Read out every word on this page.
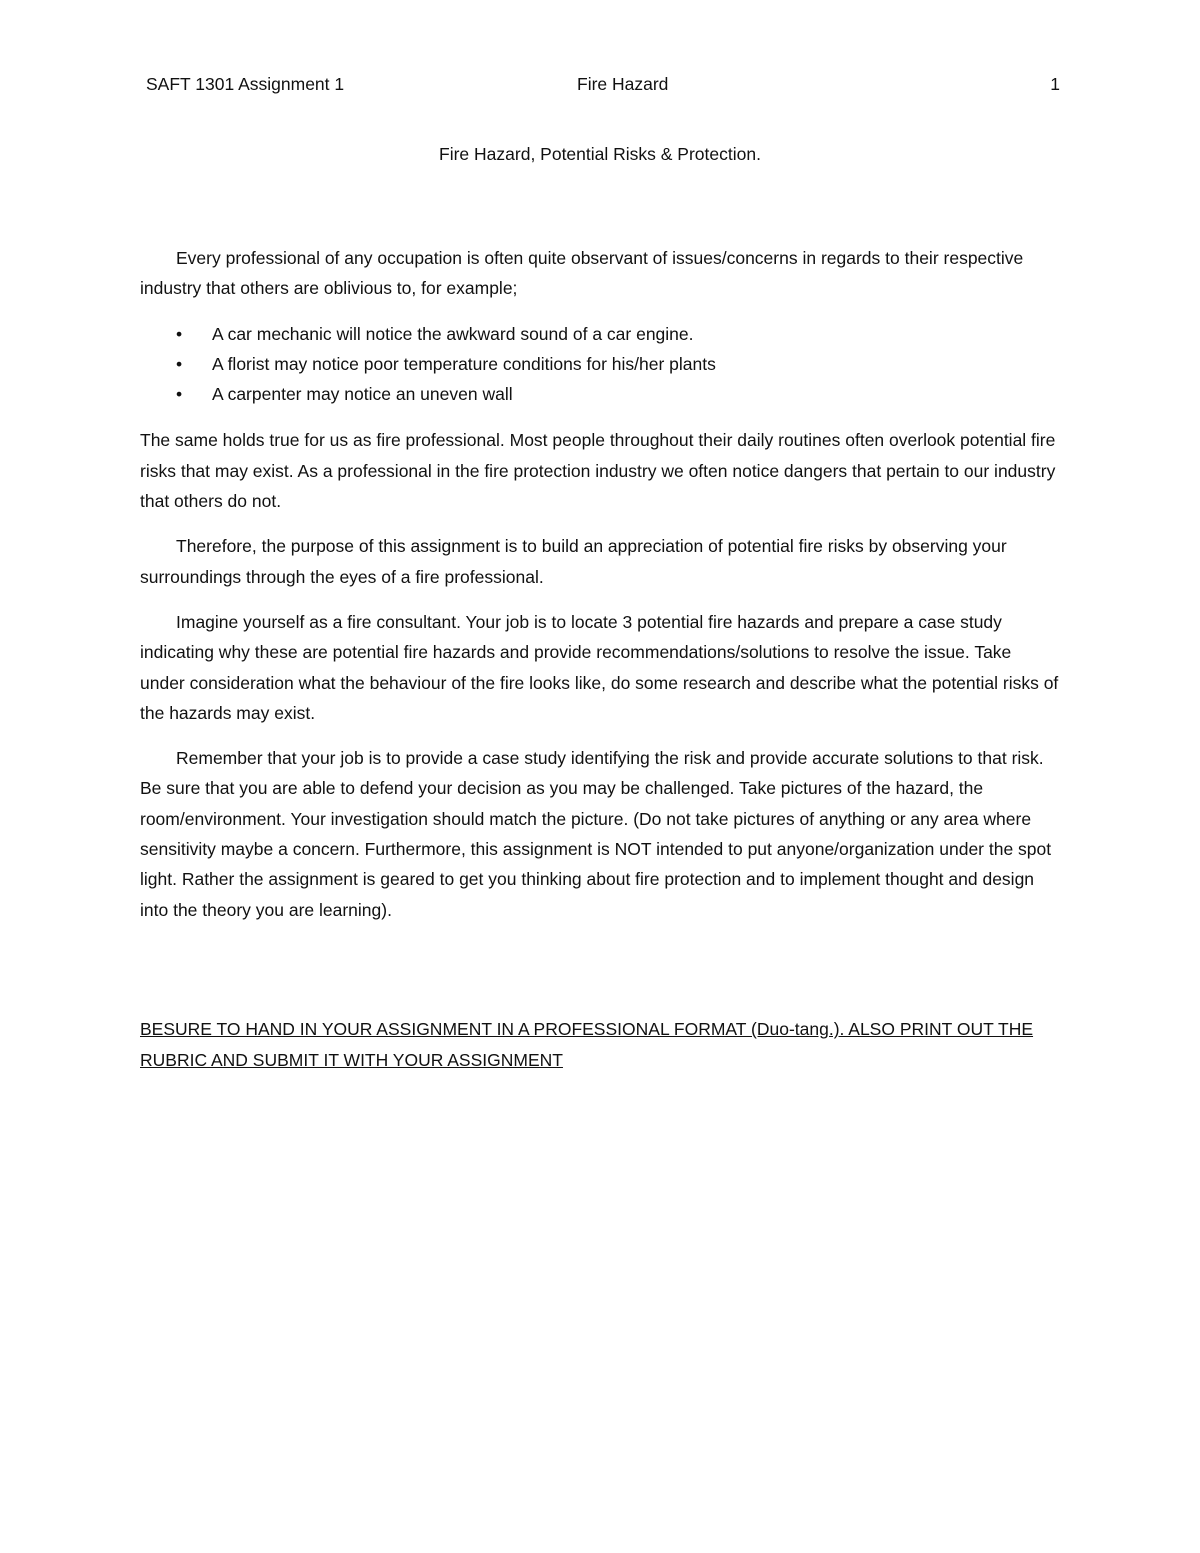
SAFT 1301 Assignment 1	Fire Hazard	1
Fire Hazard, Potential Risks & Protection.

Every professional of any occupation is often quite observant of issues/concerns in regards to their respective industry that others are oblivious to, for example;

• A car mechanic will notice the awkward sound of a car engine.
• A florist may notice poor temperature conditions for his/her plants
• A carpenter may notice an uneven wall

The same holds true for us as fire professional. Most people throughout their daily routines often overlook potential fire risks that may exist. As a professional in the fire protection industry we often notice dangers that pertain to our industry that others do not.

Therefore, the purpose of this assignment is to build an appreciation of potential fire risks by observing your surroundings through the eyes of a fire professional.

Imagine yourself as a fire consultant. Your job is to locate 3 potential fire hazards and prepare a case study indicating why these are potential fire hazards and provide recommendations/solutions to resolve the issue. Take under consideration what the behaviour of the fire looks like, do some research and describe what the potential risks of the hazards may exist.

Remember that your job is to provide a case study identifying the risk and provide accurate solutions to that risk. Be sure that you are able to defend your decision as you may be challenged. Take pictures of the hazard, the room/environment. Your investigation should match the picture. (Do not take pictures of anything or any area where sensitivity maybe a concern. Furthermore, this assignment is NOT intended to put anyone/organization under the spot light. Rather the assignment is geared to get you thinking about fire protection and to implement thought and design into the theory you are learning).

BESURE TO HAND IN YOUR ASSIGNMENT IN A PROFESSIONAL FORMAT (Duo-tang.). ALSO PRINT OUT THE RUBRIC AND SUBMIT IT WITH YOUR ASSIGNMENT
